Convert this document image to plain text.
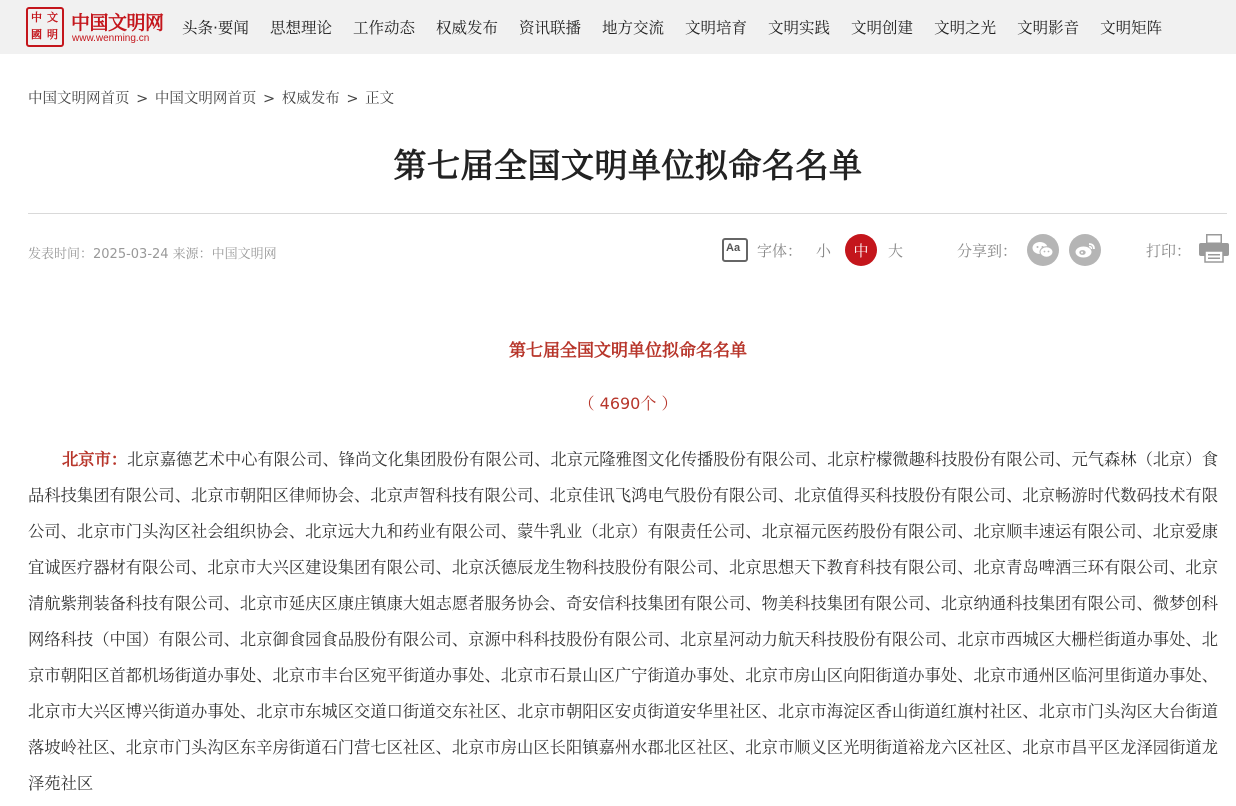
中 文
明
國
中国文明网
www.wenming.cn
头条·要闻 思想理论 工作动态 权威发布 资讯联播 地方交流 文明培育 文明实践 文明创建 文明之光 文明影音 文明矩阵
中国文明网首页 > 中国文明网首页 > 权威发布 > 正文
第七届全国文明单位拟命名名单
发表时间：2025-03-24 来源：中国文明网
Aa	字体： 小	中	大	分享到：	打印：
第七届全国文明单位拟命名名单
（ 4690个 ）

北京市：北京嘉德艺术中心有限公司、锋尚文化集团股份有限公司、北京元隆雅图文化传播股份有限公司、北京柠檬微趣科技股份有限公司、元气森林（北京）食品科技集团有限公司、北京市朝阳区律师协会、北京声智科技有限公司、北京佳讯飞鸿电气股份有限公司、北京值得买科技股份有限公司、北京畅游时代数码技术有限公司、北京市门头沟区社会组织协会、北京远大九和药业有限公司、蒙牛乳业（北京）有限责任公司、北京福元医药股份有限公司、北京顺丰速运有限公司、北京爱康宜诚医疗器材有限公司、北京市大兴区建设集团有限公司、北京沃德辰龙生物科技股份有限公司、北京思想天下教育科技有限公司、北京青岛啤酒三环有限公司、北京清航紫荆装备科技有限公司、北京市延庆区康庄镇康大姐志愿者服务协会、奇安信科技集团有限公司、物美科技集团有限公司、北京纳通科技集团有限公司、微梦创科网络科技（中国）有限公司、北京御食园食品股份有限公司、京源中科科技股份有限公司、北京星河动力航天科技股份有限公司、北京市西城区大栅栏街道办事处、北京市朝阳区首都机场街道办事处、北京市丰台区宛平街道办事处、北京市石景山区广宁街道办事处、北京市房山区向阳街道办事处、北京市通州区临河里街道办事处、北京市大兴区博兴街道办事处、北京市东城区交道口街道交东社区、北京市朝阳区安贞街道安华里社区、北京市海淀区香山街道红旗村社区、北京市门头沟区大台街道落坡岭社区、北京市门头沟区东辛房街道石门营七区社区、北京市房山区长阳镇嘉州水郡北区社区、北京市顺义区光明街道裕龙六区社区、北京市昌平区龙泽园街道龙泽苑社区
